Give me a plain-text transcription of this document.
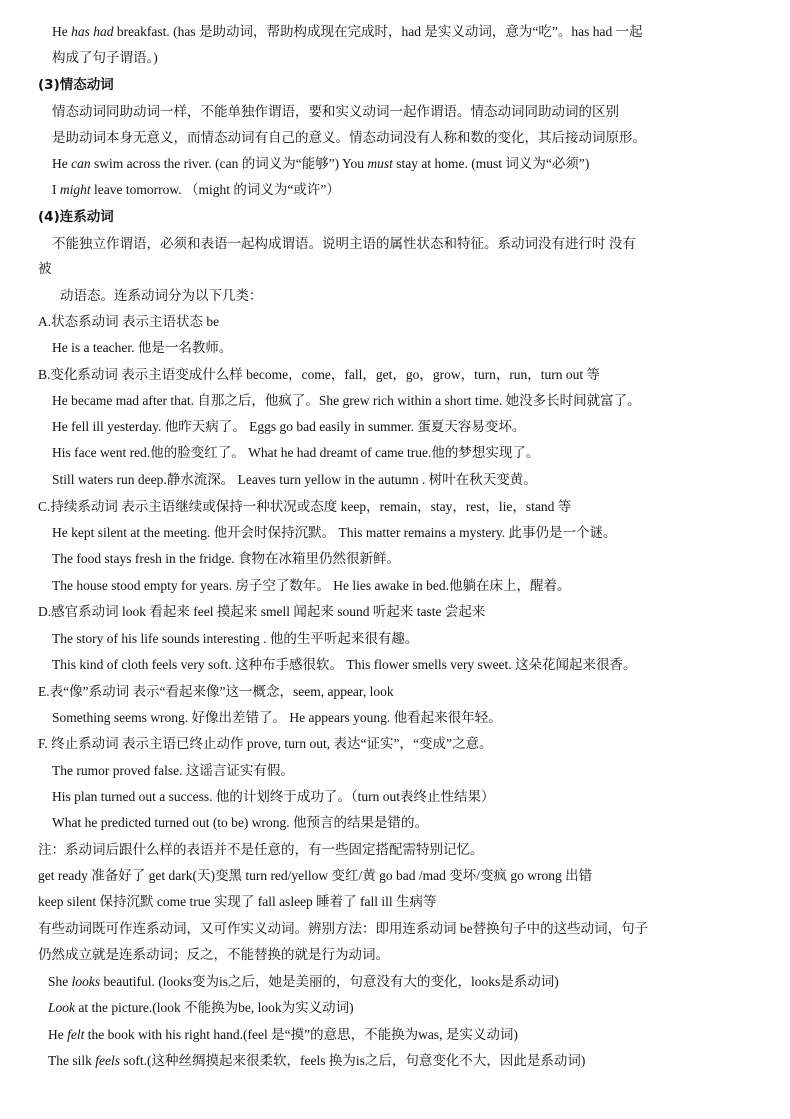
He has had breakfast. (has 是助动词，帮助构成现在完成时，had 是实义动词，意为“吃”。has had 一起
构成了句子谓语。)
(3)情态动词
情态动词同助动词一样，不能单独作谓语，要和实义动词一起作谓语。情态动词同助动词的区别
是助动词本身无意义，而情态动词有自己的意义。情态动词没有人称和数的变化，其后接动词原形。
He can swim across the river. (can 的词义为“能够”) You must stay at home. (must 词义为“必须”)
I might leave tomorrow. （might 的词义为“或许”）
(4)连系动词
不能独立作谓语，必须和表语一起构成谓语。说明主语的属性状态和特征。系动词没有进行时 没有
被
动语态。连系动词分为以下几类：
A.状态系动词 表示主语状态 be
He is a teacher. 他是一名教师。
B.变化系动词 表示主语变成什么样 become，come，fall，get，go，grow，turn，run，turn out 等
He became mad after that. 自那之后，他疯了。She grew rich within a short time. 她没多长时间就富了。
He fell ill yesterday. 他昨天病了。 Eggs go bad easily in summer. 蛋夏天容易变坏。
His face went red.他的脸变红了。 What he had dreamt of came true.他的梦想实现了。
Still waters run deep.静水流深。 Leaves turn yellow in the autumn . 树叶在秋天变黄。
C.持续系动词 表示主语继续或保持一种状况或态度 keep，remain，stay，rest，lie，stand 等
He kept silent at the meeting. 他开会时保持沉默。 This matter remains a mystery. 此事仍是一个谜。
The food stays fresh in the fridge. 食物在冰箱里仍然很新鲜。
The house stood empty for years. 房子空了数年。 He lies awake in bed.他躺在床上，醒着。
D.感官系动词 look 看起来 feel 摸起来 smell 闻起来 sound 听起来 taste 尝起来
The story of his life sounds interesting . 他的生平听起来很有趣。
This kind of cloth feels very soft. 这种布手感很软。 This flower smells very sweet. 这朵花闻起来很香。
E.表“像”系动词 表示“看起来像”这一概念，seem, appear, look
Something seems wrong. 好像出差错了。 He appears young. 他看起来很年轻。
F. 终止系动词 表示主语已终止动作 prove, turn out, 表达“证实”，“变成”之意。
The rumor proved false. 这谣言证实有假。
His plan turned out a success. 他的计划终于成功了。（turn out表终止性结果）
What he predicted turned out (to be) wrong. 他预言的结果是错的。
注：系动词后跟什么样的表语并不是任意的，有一些固定搭配需特别记忆。
get ready 准备好了 get dark(天)变黑 turn red/yellow 变红/黄 go bad /mad 变坏/变疯 go wrong 出错
keep silent 保持沉默 come true 实现了 fall asleep 睡着了 fall ill 生病等
有些动词既可作连系动词，又可作实义动词。辨别方法：即用连系动词 be替换句子中的这些动词，句子
仍然成立就是连系动词；反之，不能替换的就是行为动词。
She looks beautiful. (looks变为is之后，她是美丽的，句意没有大的变化，looks是系动词)
Look at the picture.(look 不能换为be, look为实义动词)
He felt the book with his right hand.(feel 是“摸”的意思，不能换为was, 是实义动词)
The silk feels soft.(这种丝绸摸起来很柔软，feels 换为is之后，句意变化不大，因此是系动词)
